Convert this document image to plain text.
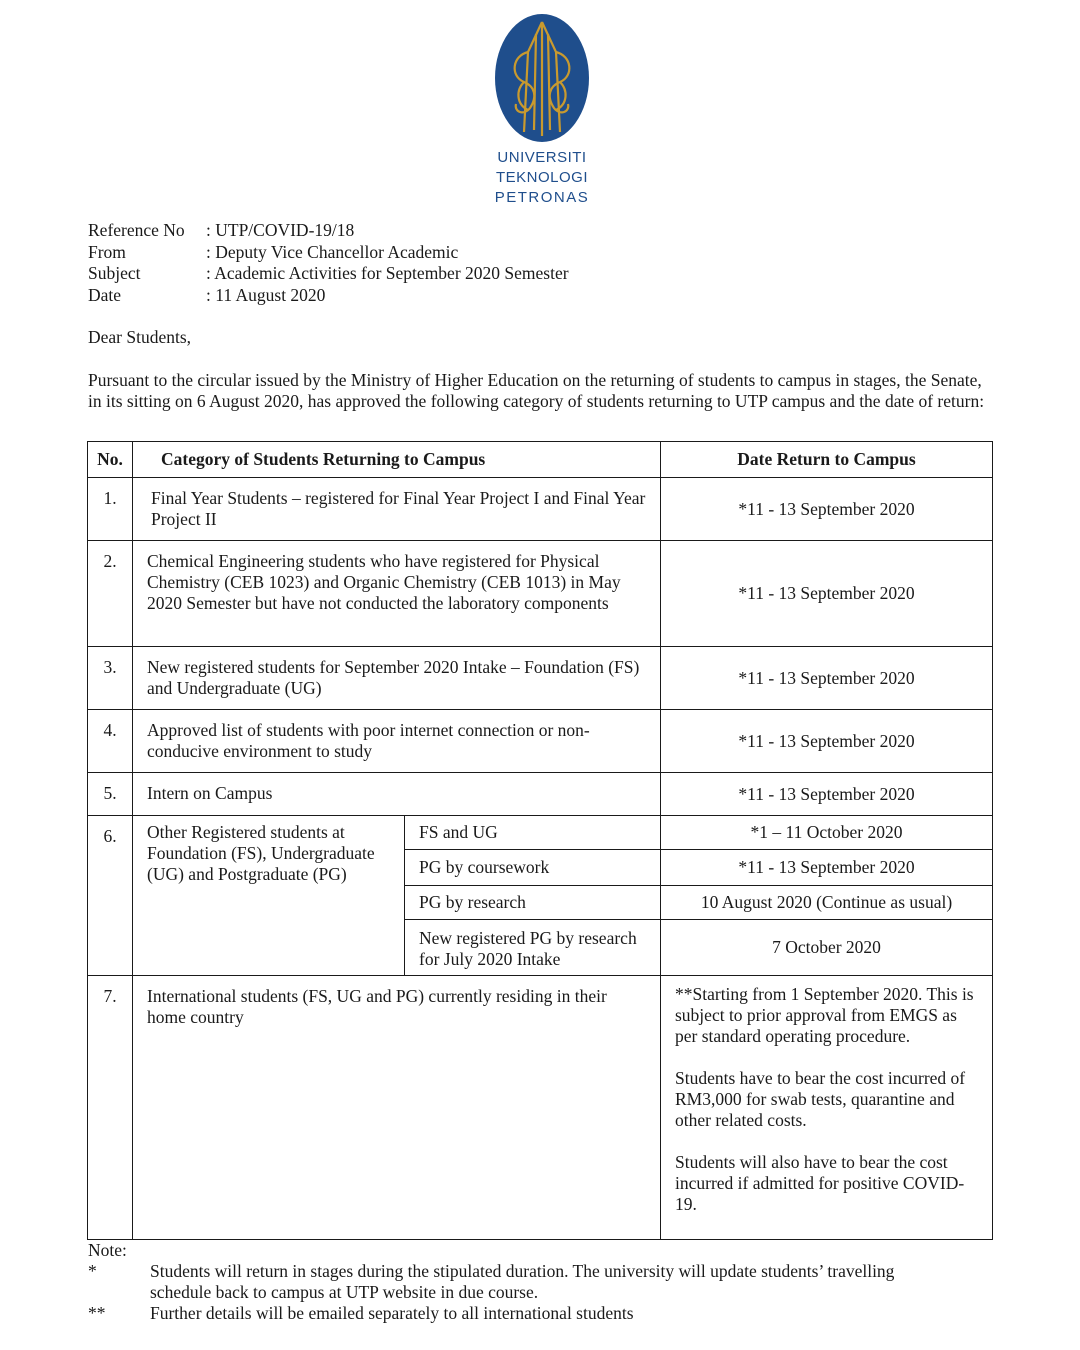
UNIVERSITI
TEKNOLOGI
PETRONAS
Reference No	: UTP/COVID-19/18
From	: Deputy Vice Chancellor Academic
Subject	: Academic Activities for September 2020 Semester
Date	: 11 August 2020
Dear Students,
Pursuant to the circular issued by the Ministry of Higher Education on the returning of students to campus in stages, the Senate, in its sitting on 6 August 2020, has approved the following category of students returning to UTP campus and the date of return:
No.	Category of Students Returning to Campus		Date Return to Campus
1.	Final Year Students – registered for Final Year Project I and Final Year Project II		*11 - 13 September 2020
2.	Chemical Engineering students who have registered for Physical Chemistry (CEB 1023) and Organic Chemistry (CEB 1013) in May 2020 Semester but have not conducted the laboratory components		*11 - 13 September 2020
3.	New registered students for September 2020 Intake – Foundation (FS) and Undergraduate (UG)		*11 - 13 September 2020
4.	Approved list of students with poor internet connection or non-conducive environment to study		*11 - 13 September 2020
5.	Intern on Campus		*11 - 13 September 2020
6.	Other Registered students at Foundation (FS), Undergraduate (UG) and Postgraduate (PG)	FS and UG	*1 – 11 October 2020
		PG by coursework	*11 - 13 September 2020
		PG by research	10 August 2020 (Continue as usual)
		New registered PG by research for July 2020 Intake	7 October 2020
7.	International students (FS, UG and PG) currently residing in their home country		**Starting from 1 September 2020. This is subject to prior approval from EMGS as per standard operating procedure.

Students have to bear the cost incurred of RM3,000 for swab tests, quarantine and other related costs.

Students will also have to bear the cost incurred if admitted for positive COVID-19.

Note:
*	Students will return in stages during the stipulated duration. The university will update students’ travelling schedule back to campus at UTP website in due course.
**	Further details will be emailed separately to all international students
